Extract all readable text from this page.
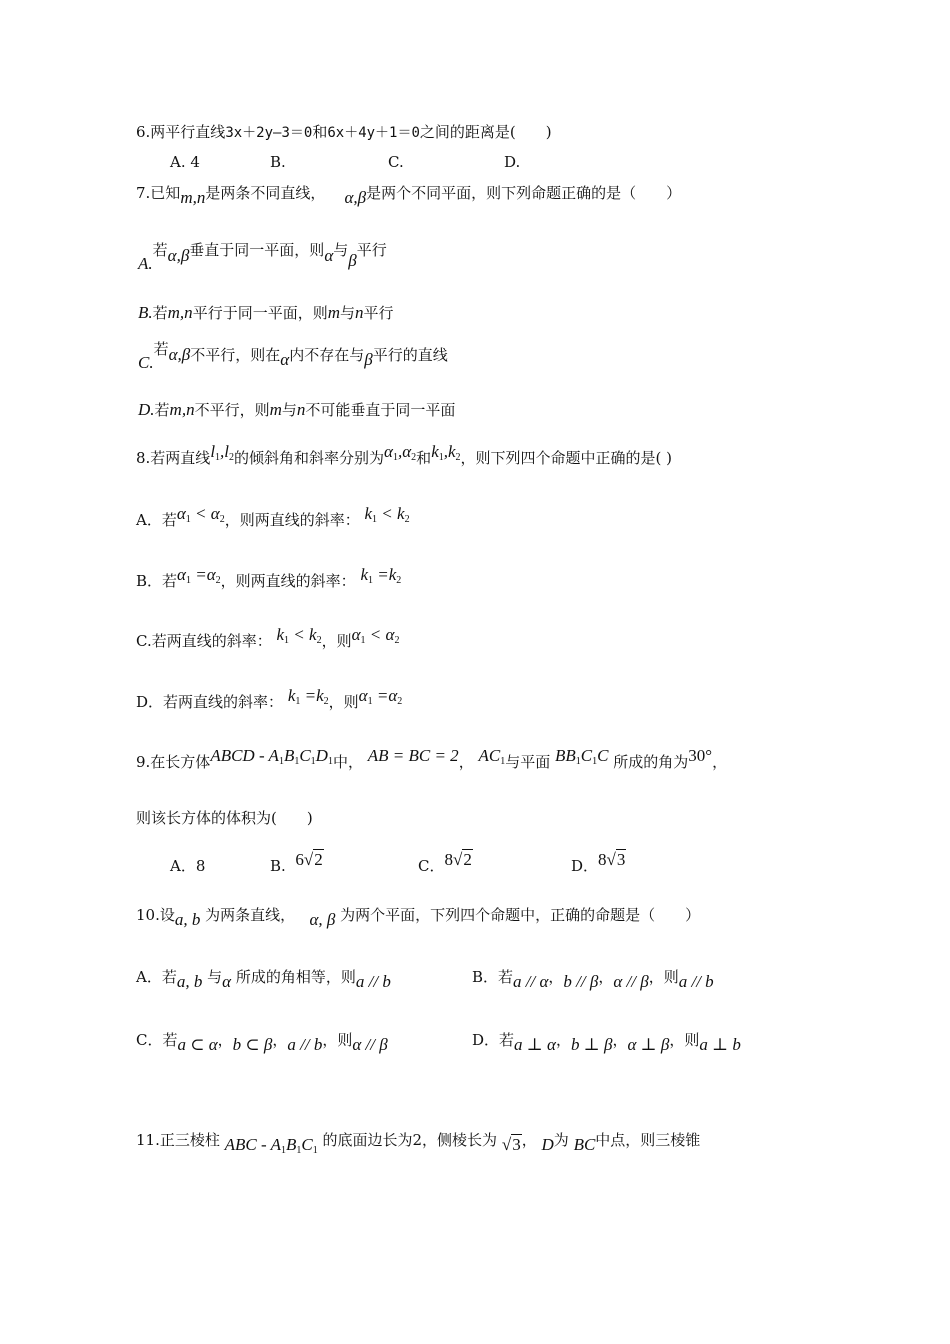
6.两平行直线3x＋2y—3＝0和6x＋4y＋1＝0之间的距离是(　　)
A. 4	B.	C.	D.
7.已知m,n是两条不同直线， α,β是两个不同平面，则下列命题正确的是（　　）
A.若α,β垂直于同一平面，则α与β平行
B.若m,n平行于同一平面，则m与n平行
C.若α,β不平行，则在α内不存在与β平行的直线
D.若m,n不平行，则m与n不可能垂直于同一平面
8.若两直线$l_1,l_2$的倾斜角和斜率分别为$\alpha_1,\alpha_2$和$k_1,k_2$，则下列四个命题中正确的是( )
A．若$\alpha_1 < \alpha_2$，则两直线的斜率： $k_1 < k_2$
B．若$\alpha_1 =\alpha_2$，则两直线的斜率： $k_1 =k_2$
C.若两直线的斜率： $k_1 < k_2$，则$\alpha_1 < \alpha_2$
D．若两直线的斜率： $k_1 =k_2$，则$\alpha_1 =\alpha_2$
9.在长方体ABCD - $A_1B_1C_1D_1$中， AB = BC = 2， $AC_1$与平面 $BB_1C_1C$ 所成的角为30°，
则该长方体的体积为(　　)
A．8	B. 6√2	C．8√2	D．8√3
10.设a, b 为两条直线， α, β 为两个平面，下列四个命题中，正确的命题是（　　）
A．若a, b 与α 所成的角相等，则a // b	B．若a // α，b // β，α // β，则a // b
C．若a ⊂ α，b ⊂ β，a // b，则α // β	D．若a ⊥ α，b ⊥ β，α ⊥ β，则a ⊥ b
11.正三棱柱 ABC - $A_1B_1C_1$ 的底面边长为2，侧棱长为 √3， D为 BC中点，则三棱锥
